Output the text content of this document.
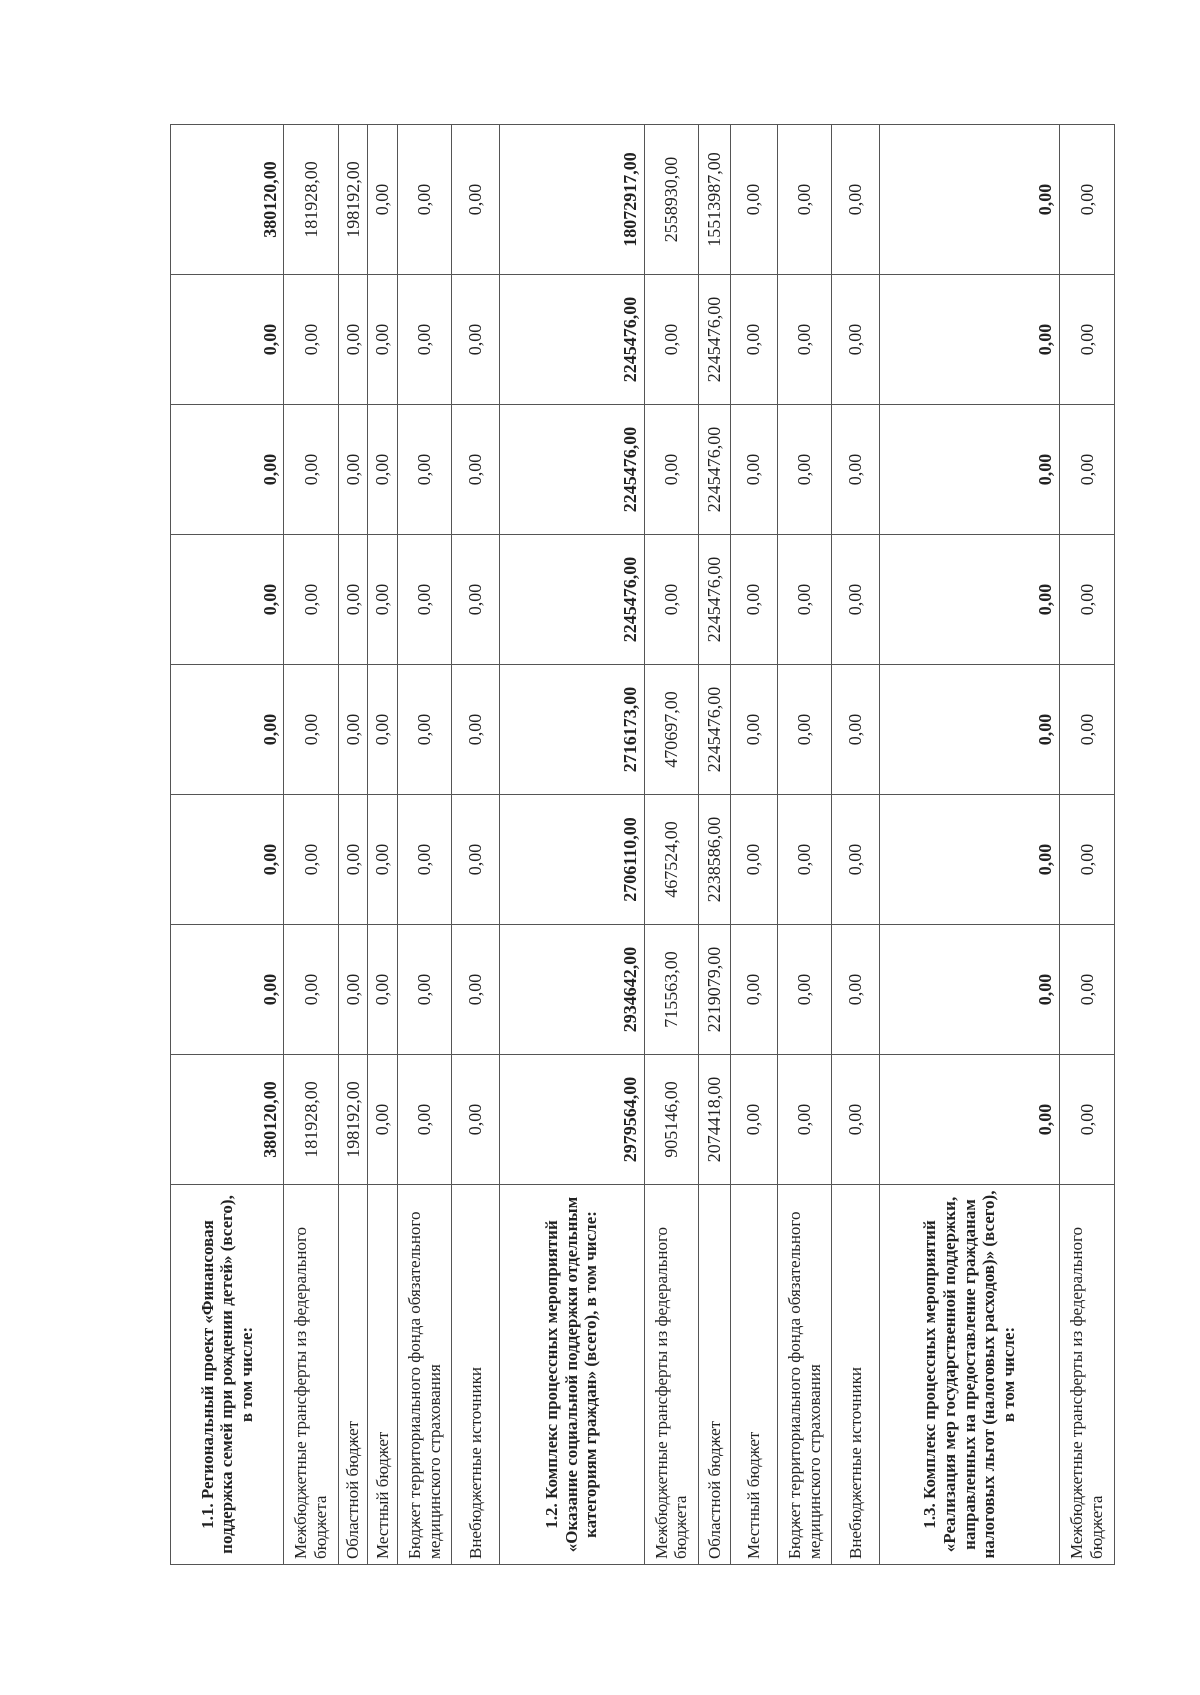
1.1. Региональный проект «Финансовая поддержка семей при рождении детей» (всего), в том числе:	380120,00	0,00	0,00	0,00	0,00	0,00	0,00	380120,00
Межбюджетные трансферты из федерального бюджета	181928,00	0,00	0,00	0,00	0,00	0,00	0,00	181928,00
Областной бюджет	198192,00	0,00	0,00	0,00	0,00	0,00	0,00	198192,00
Местный бюджет	0,00	0,00	0,00	0,00	0,00	0,00	0,00	0,00
Бюджет территориального фонда обязательного медицинского страхования	0,00	0,00	0,00	0,00	0,00	0,00	0,00	0,00
Внебюджетные источники	0,00	0,00	0,00	0,00	0,00	0,00	0,00	0,00
1.2. Комплекс процессных мероприятий «Оказание социальной поддержки отдельным категориям граждан» (всего), в том числе:	2979564,00	2934642,00	2706110,00	2716173,00	2245476,00	2245476,00	2245476,00	18072917,00
Межбюджетные трансферты из федерального бюджета	905146,00	715563,00	467524,00	470697,00	0,00	0,00	0,00	2558930,00
Областной бюджет	2074418,00	2219079,00	2238586,00	2245476,00	2245476,00	2245476,00	2245476,00	15513987,00
Местный бюджет	0,00	0,00	0,00	0,00	0,00	0,00	0,00	0,00
Бюджет территориального фонда обязательного медицинского страхования	0,00	0,00	0,00	0,00	0,00	0,00	0,00	0,00
Внебюджетные источники	0,00	0,00	0,00	0,00	0,00	0,00	0,00	0,00
1.3. Комплекс процессных мероприятий «Реализация мер государственной поддержки, направленных на предоставление гражданам налоговых льгот (налоговых расходов)» (всего), в том числе:	0,00	0,00	0,00	0,00	0,00	0,00	0,00	0,00
Межбюджетные трансферты из федерального бюджета	0,00	0,00	0,00	0,00	0,00	0,00	0,00	0,00
